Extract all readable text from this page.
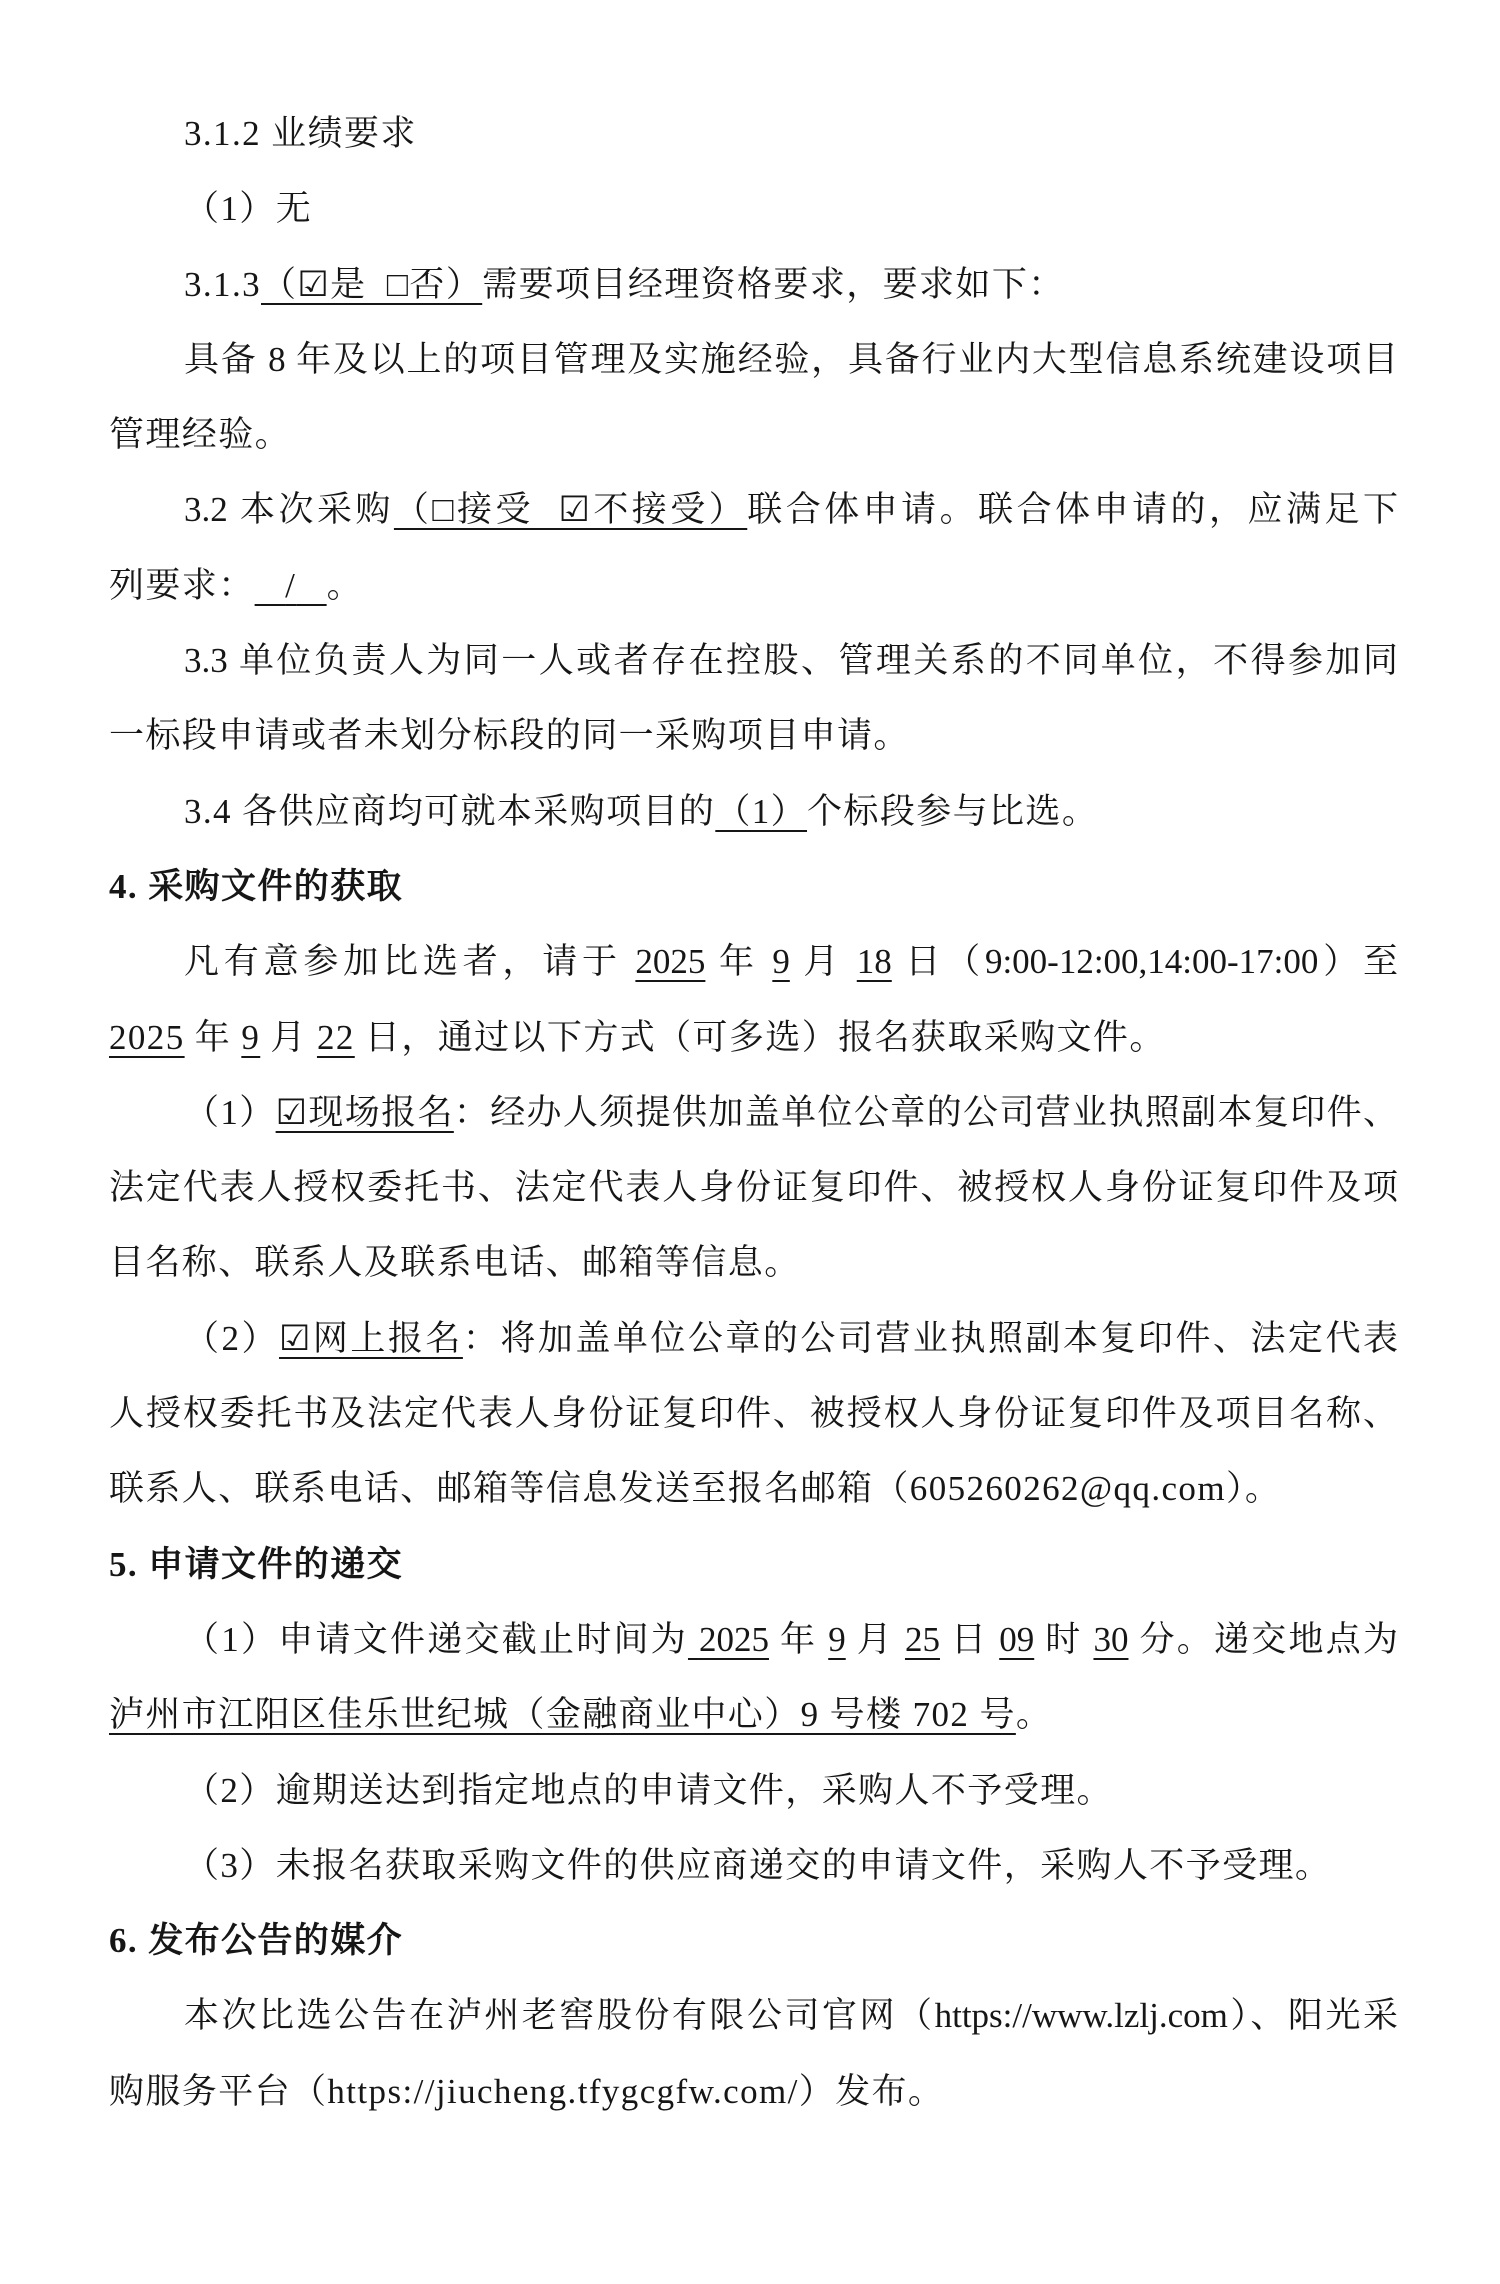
3.1.2 业绩要求
（1）无
3.1.3（☑是  □否）需要项目经理资格要求，要求如下：
具备 8 年及以上的项目管理及实施经验，具备行业内大型信息系统建设项目
管理经验。
3.2 本次采购（□接受  ☑不接受）联合体申请。联合体申请的，应满足下
列要求： / 。
3.3 单位负责人为同一人或者存在控股、管理关系的不同单位，不得参加同
一标段申请或者未划分标段的同一采购项目申请。
3.4 各供应商均可就本采购项目的（1）个标段参与比选。
4. 采购文件的获取
凡有意参加比选者，请于 2025 年 9 月 18 日（9:00-12:00,14:00-17:00）至
2025 年 9 月 22 日，通过以下方式（可多选）报名获取采购文件。
（1）☑现场报名：经办人须提供加盖单位公章的公司营业执照副本复印件、
法定代表人授权委托书、法定代表人身份证复印件、被授权人身份证复印件及项
目名称、联系人及联系电话、邮箱等信息。
（2）☑网上报名：将加盖单位公章的公司营业执照副本复印件、法定代表
人授权委托书及法定代表人身份证复印件、被授权人身份证复印件及项目名称、
联系人、联系电话、邮箱等信息发送至报名邮箱（605260262@qq.com）。
5. 申请文件的递交
（1）申请文件递交截止时间为 2025 年 9 月 25 日 09 时 30 分。递交地点为
泸州市江阳区佳乐世纪城（金融商业中心）9 号楼 702 号。
（2）逾期送达到指定地点的申请文件，采购人不予受理。
（3）未报名获取采购文件的供应商递交的申请文件，采购人不予受理。
6. 发布公告的媒介
本次比选公告在泸州老窖股份有限公司官网（https://www.lzlj.com）、阳光采
购服务平台（https://jiucheng.tfygcgfw.com/）发布。
